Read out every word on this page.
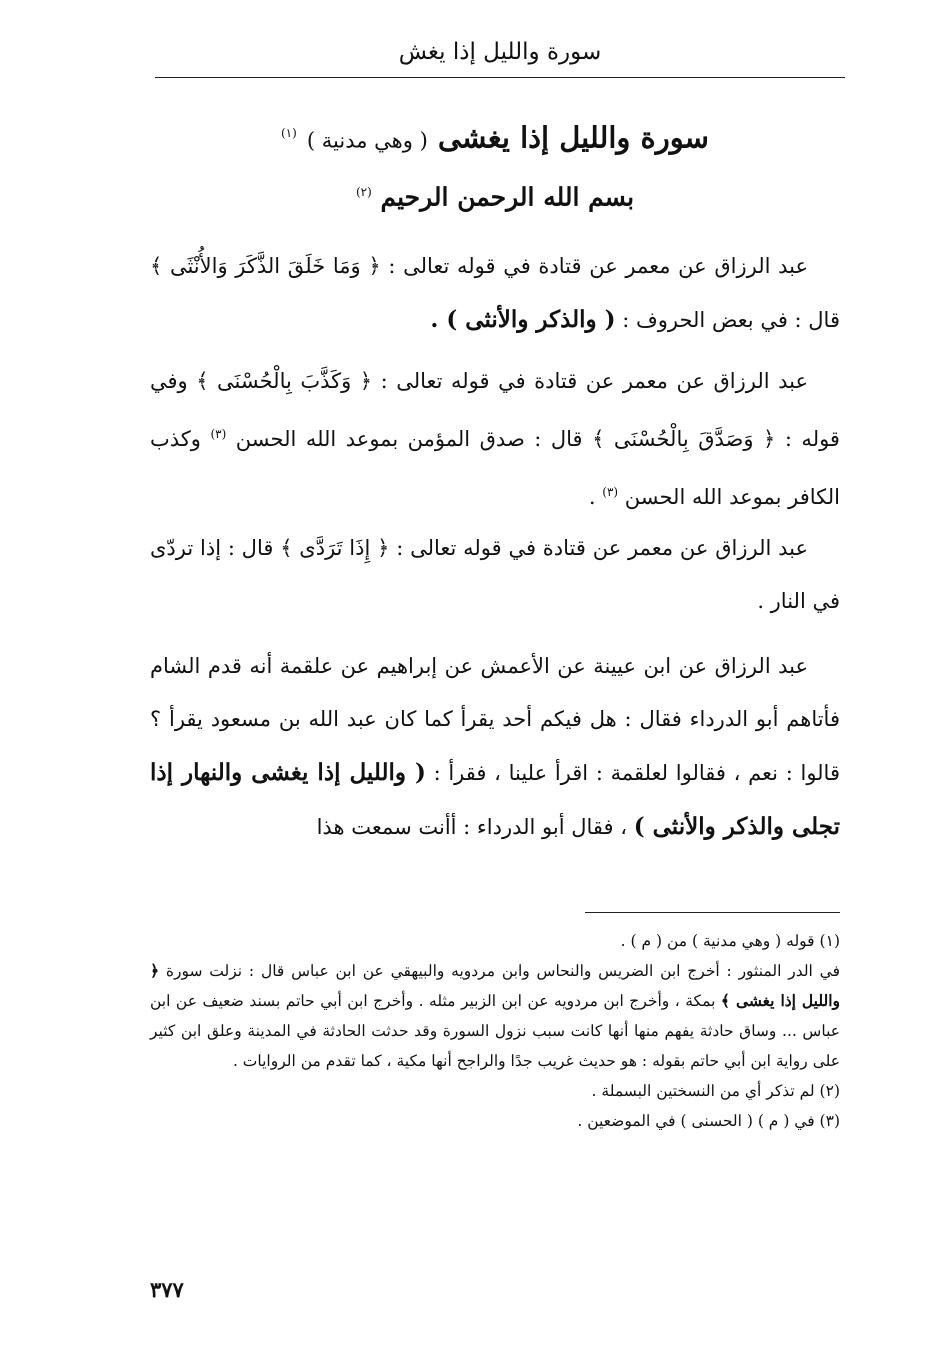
سورة والليل إذا يغش
سورة والليل إذا يغشى ( وهي مدنية ) $^{(١)}$
بسم الله الرحمن الرحيم $^{(٢)}$
عبد الرزاق عن معمر عن قتادة في قوله تعالى : ﴿ وَمَا خَلَقَ الذَّكَرَ وَالأُنْثَى ﴾ قال : في بعض الحروف : ( والذكر والأنثى ) .
عبد الرزاق عن معمر عن قتادة في قوله تعالى : ﴿ وَكَذَّبَ بِالْحُسْنَى ﴾ وفي قوله : ﴿ وَصَدَّقَ بِالْحُسْنَى ﴾ قال : صدق المؤمن بموعد الله الحسن $^{(٣)}$ وكذب الكافر بموعد الله الحسن $^{(٣)}$ .
عبد الرزاق عن معمر عن قتادة في قوله تعالى : ﴿ إِذَا تَرَدَّى ﴾ قال : إذا تردّى في النار .
عبد الرزاق عن ابن عيينة عن الأعمش عن إبراهيم عن علقمة أنه قدم الشام فأتاهم أبو الدرداء فقال : هل فيكم أحد يقرأ كما كان عبد الله بن مسعود يقرأ ؟ قالوا : نعم ، فقالوا لعلقمة : اقرأ علينا ، فقرأ : ( والليل إذا يغشى والنهار إذا تجلى والذكر والأنثى ) ، فقال أبو الدرداء : أأنت سمعت هذا
(١) قوله ( وهي مدنية ) من ( م ) .
في الدر المنثور : أخرج ابن الضريس والنحاس وابن مردويه والبيهقي عن ابن عباس قال : نزلت سورة ﴿ والليل إذا يغشى ﴾ بمكة ، وأخرج ابن مردويه عن ابن الزبير مثله . وأخرج ابن أبي حاتم بسند ضعيف عن ابن عباس ... وساق حادثة يفهم منها أنها كانت سبب نزول السورة وقد حدثت الحادثة في المدينة وعلق ابن كثير على رواية ابن أبي حاتم بقوله : هو حديث غريب جدًا والراجح أنها مكية ، كما تقدم من الروايات .
(٢) لم تذكر أي من النسختين البسملة .
(٣) في ( م ) ( الحسنى ) في الموضعين .
٣٧٧
